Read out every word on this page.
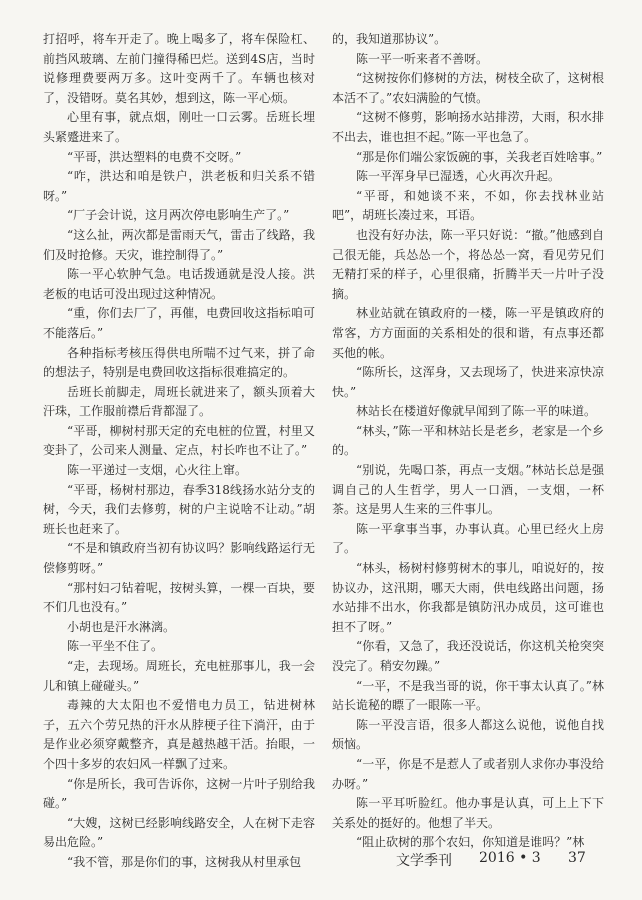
打招呼，将车开走了。晚上喝多了，将车保险杠、前挡风玻璃、左前门撞得稀巴烂。送到4S店，当时说修理费要两万多。这叶变两千了。车辆也核对了，没错呀。莫名其妙，想到这，陈一平心烦。

心里有事，就点烟，刚吐一口云雾。岳班长埋头紧蹙进来了。

“平哥，洪达塑料的电费不交呀。”

“咋，洪达和咱是铁户，洪老板和归关系不错呀。”

“厂子会计说，这月两次停电影响生产了。”

“这么扯，两次都是雷雨天气，雷击了线路，我们及时抢修。天灾，谁控制得了。”

陈一平心软肿气急。电话拨通就是没人接。洪老板的电话可没出现过这种情况。

“重，你们去厂了，再催，电费回收这指标咱可不能落后。”

各种指标考核压得供电所喘不过气来，拼了命的想法子，特别是电费回收这指标很难搞定的。

岳班长前脚走，周班长就进来了，额头顶着大汗珠，工作服前襟后背都湿了。

“平哥，柳树村那天定的充电桩的位置，村里又变卦了，公司来人测量、定点，村长咋也不让了。”

陈一平递过一支烟，心火往上窜。

“平哥，杨树村那边，春季318线扬水站分支的树，今天，我们去修剪，树的户主说啥不让动。”胡班长也赶来了。

“不是和镇政府当初有协议吗？影响线路运行无偿修剪呀。”

“那村妇刁钻着呢，按树头算，一棵一百块，要不们几也没有。”

小胡也是汗水淋漓。

陈一平坐不住了。

“走，去现场。周班长，充电桩那事儿，我一会儿和镇上碰碰头。”

毒辣的大太阳也不爱惜电力员工，钻进树林子，五六个劳兄热的汗水从脖梗子往下淌汗，由于是作业必须穿戴整齐，真是越热越干活。抬眼，一个四十多岁的农妇风一样飘了过来。

“你是所长，我可告诉你，这树一片叶子别给我碰。”

“大嫂，这树已经影响线路安全，人在树下走容易出危险。”

“我不管，那是你们的事，这树我从村里承包

的，我知道那协议”。

陈一平一听来者不善呀。

“这树按你们修树的方法，树枝全砍了，这树根本活不了。”农妇满脸的气愤。

“这树不修剪，影响扬水站排涝，大雨，积水排不出去，谁也担不起。”陈一平也急了。

“那是你们端公家饭碗的事，关我老百姓啥事。”

陈一平浑身早已湿透，心火再次升起。

“平哥，和她谈不来，不如，你去找林业站吧”，胡班长凑过来，耳语。

也没有好办法，陈一平只好说：“撤。”他感到自己很无能，兵怂怂一个，将怂怂一窝，看见劳兄们无精打采的样子，心里很痛，折腾半天一片叶子没摘。

林业站就在镇政府的一楼，陈一平是镇政府的常客，方方面面的关系相处的很和谐，有点事还都买他的帐。

“陈所长，这浑身，又去现场了，快进来凉快凉快。”

林站长在楼道好像就早闻到了陈一平的味道。

“林头，”陈一平和林站长是老乡，老家是一个乡的。

“别说，先喝口茶，再点一支烟。”林站长总是强调自己的人生哲学，男人一口酒，一支烟，一杯茶。这是男人生来的三件事儿。

陈一平拿事当事，办事认真。心里已经火上房了。

“林头，杨树村修剪树木的事儿，咱说好的，按协议办，这汛期，哪天大雨，供电线路出问题，扬水站排不出水，你我都是镇防汛办成员，这可谁也担不了呀。”

“你看，又急了，我还没说话，你这机关枪突突没完了。稍安勿躁。”

“一平，不是我当哥的说，你干事太认真了。”林站长诡秘的瞟了一眼陈一平。

陈一平没言语，很多人都这么说他，说他自找烦恼。

“一平，你是不是惹人了或者别人求你办事没给办呀。”

陈一平耳听脸红。他办事是认真，可上上下下关系处的挺好的。他想了半天。

“阻止砍树的那个农妇，你知道是谁吗？”林

文学季刊 2016 • 3 37
